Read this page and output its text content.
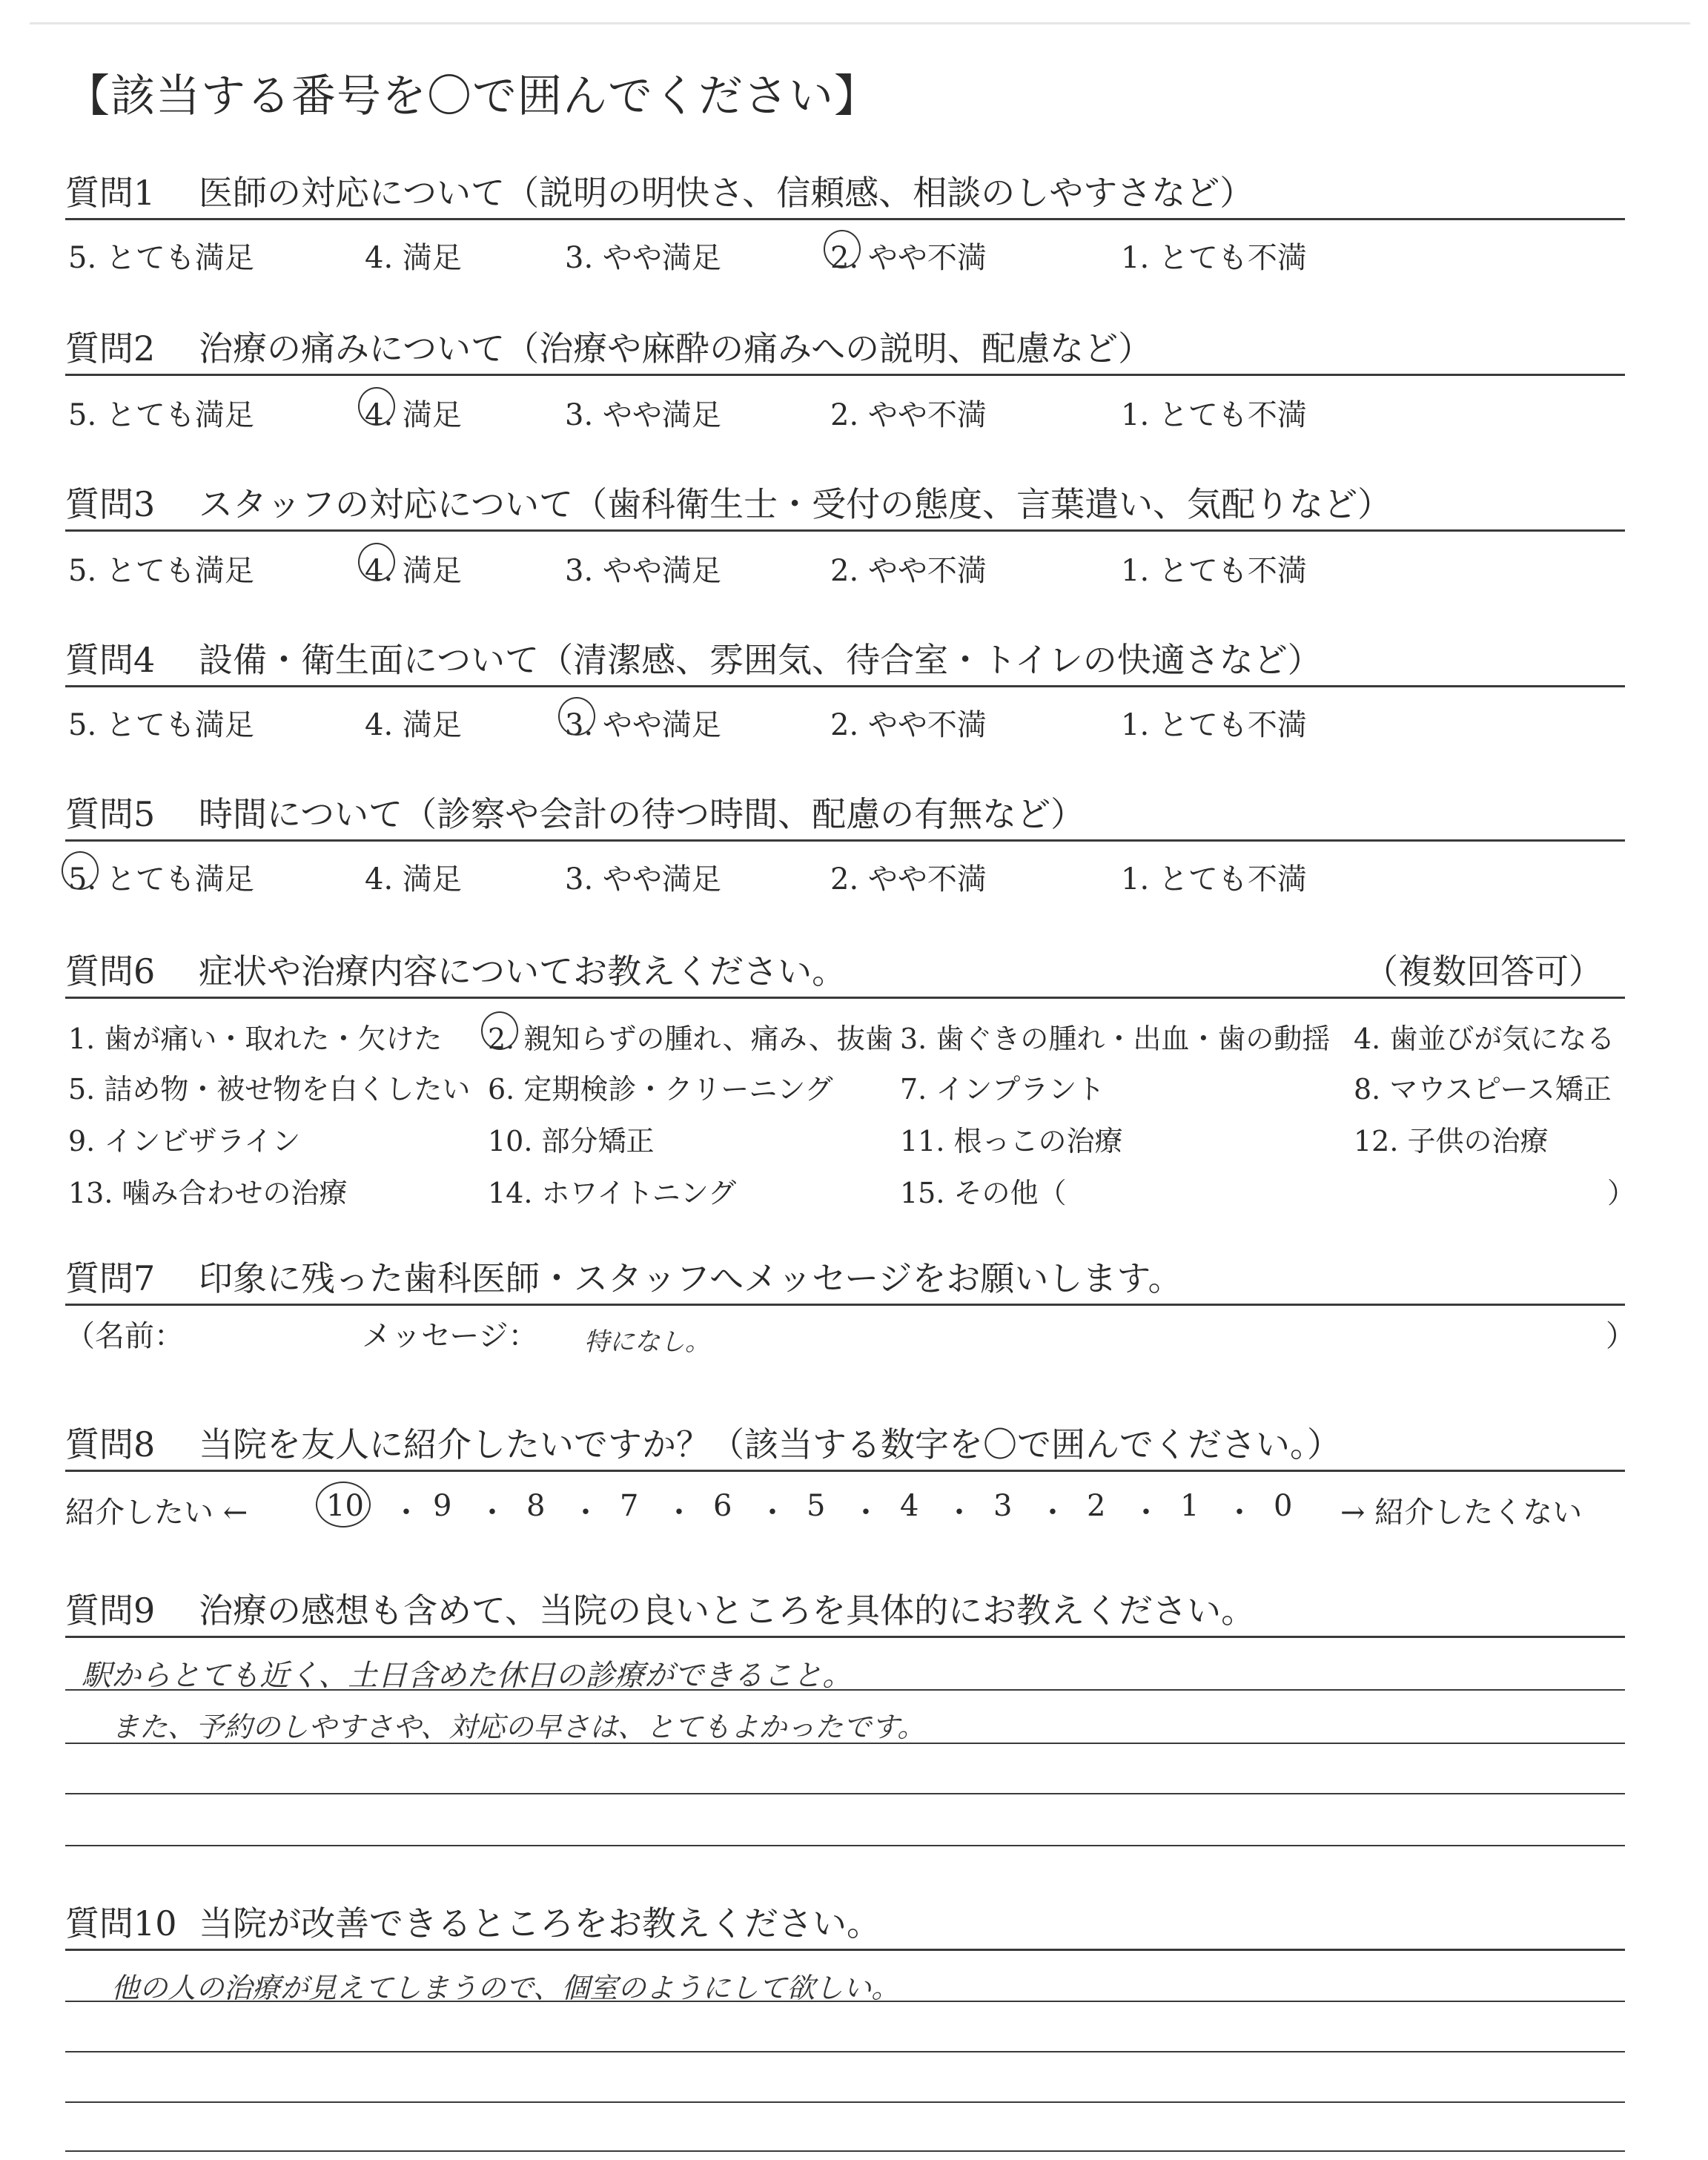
【該当する番号を〇で囲んでください】
質問1 医師の対応について（説明の明快さ、信頼感、相談のしやすさなど）
5. とても満足	4. 満足	3. やや満足	2. やや不満	1. とても不満
質問2 治療の痛みについて（治療や麻酔の痛みへの説明、配慮など）
5. とても満足	4. 満足	3. やや満足	2. やや不満	1. とても不満
質問3 スタッフの対応について（歯科衛生士・受付の態度、言葉遣い、気配りなど）
5. とても満足	4. 満足	3. やや満足	2. やや不満	1. とても不満
質問4 設備・衛生面について（清潔感、雰囲気、待合室・トイレの快適さなど）
5. とても満足	4. 満足	3. やや満足	2. やや不満	1. とても不満
質問5 時間について（診察や会計の待つ時間、配慮の有無など）
5. とても満足	4. 満足	3. やや満足	2. やや不満	1. とても不満
質問6 症状や治療内容についてお教えください。	（複数回答可）
1. 歯が痛い・取れた・欠けた 2. 親知らずの腫れ、痛み、抜歯 3. 歯ぐきの腫れ・出血・歯の動揺 4. 歯並びが気になる
5. 詰め物・被せ物を白くしたい 6. 定期検診・クリーニング 7. インプラント	8. マウスピース矯正
9. インビザライン	10. 部分矯正	11. 根っこの治療	12. 子供の治療
13. 噛み合わせの治療	14. ホワイトニング	15. その他（	）
質問7 印象に残った歯科医師・スタッフへメッセージをお願いします。
（名前：	メッセージ： 特になし。	）
質問8 当院を友人に紹介したいですか？（該当する数字を〇で囲んでください。）
紹介したい ←	10 ・ 9 ・ 8 ・ 7 ・ 6 ・ 5 ・ 4 ・ 3 ・ 2 ・ 1 ・ 0 → 紹介したくない
質問9 治療の感想も含めて、当院の良いところを具体的にお教えください。
駅からとても近く、土日含めた休日の診療ができること。
また、予約のしやすさや、対応の早さは、とてもよかったです。
質問10 当院が改善できるところをお教えください。
他の人の治療が見えてしまうので、個室のようにして欲しい。
